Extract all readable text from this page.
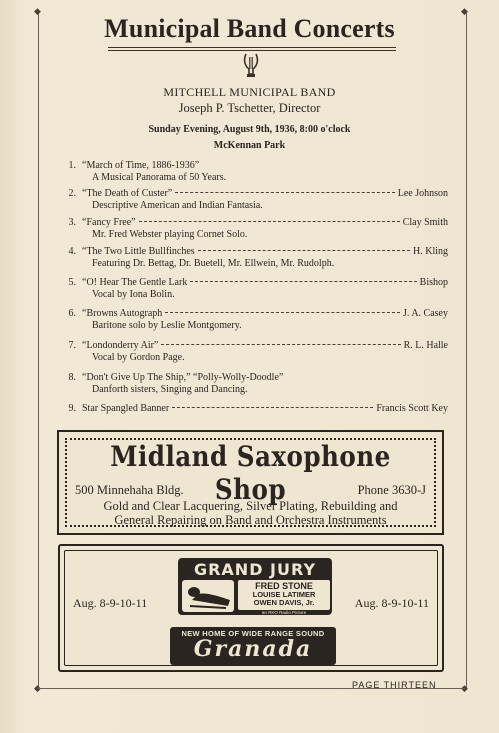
◆	◆
◆	◆
Municipal Band Concerts
MITCHELL MUNICIPAL BAND
Joseph P. Tschetter, Director
Sunday Evening, August 9th, 1936, 8:00 o'clock
McKennan Park
1. “March of Time, 1886-1936”
A Musical Panorama of 50 Years.
2. “The Death of Custer”	Lee Johnson
Descriptive American and Indian Fantasia.
3. “Fancy Free”	Clay Smith
Mr. Fred Webster playing Cornet Solo.
4. “The Two Little Bullfinches	H. Kling
Featuring Dr. Bettag, Dr. Buetell, Mr. Ellwein, Mr. Rudolph.
5. “O! Hear The Gentle Lark	Bishop
Vocal by Iona Bolin.
6. “Browns Autograph	J. A. Casey
Baritone solo by Leslie Montgomery.
7. “Londonderry Air”	R. L. Halle
Vocal by Gordon Page.
8. “Don't Give Up The Ship,” “Polly-Wolly-Doodle”
Danforth sisters, Singing and Dancing.
9. Star Spangled Banner	Francis Scott Key
Midland Saxophone Shop
500 Minnehaha Bldg.	Phone 3630-J
Gold and Clear Lacquering, Silver Plating, Rebuilding and
General Repairing on Band and Orchestra Instruments
Aug. 8-9-10-11	Aug. 8-9-10-11
GRAND JURY
FRED STONE
LOUISE LATIMER
OWEN DAVIS, Jr.
an RKO Radio Picture
NEW HOME OF WIDE RANGE SOUND
Granada
PAGE THIRTEEN
